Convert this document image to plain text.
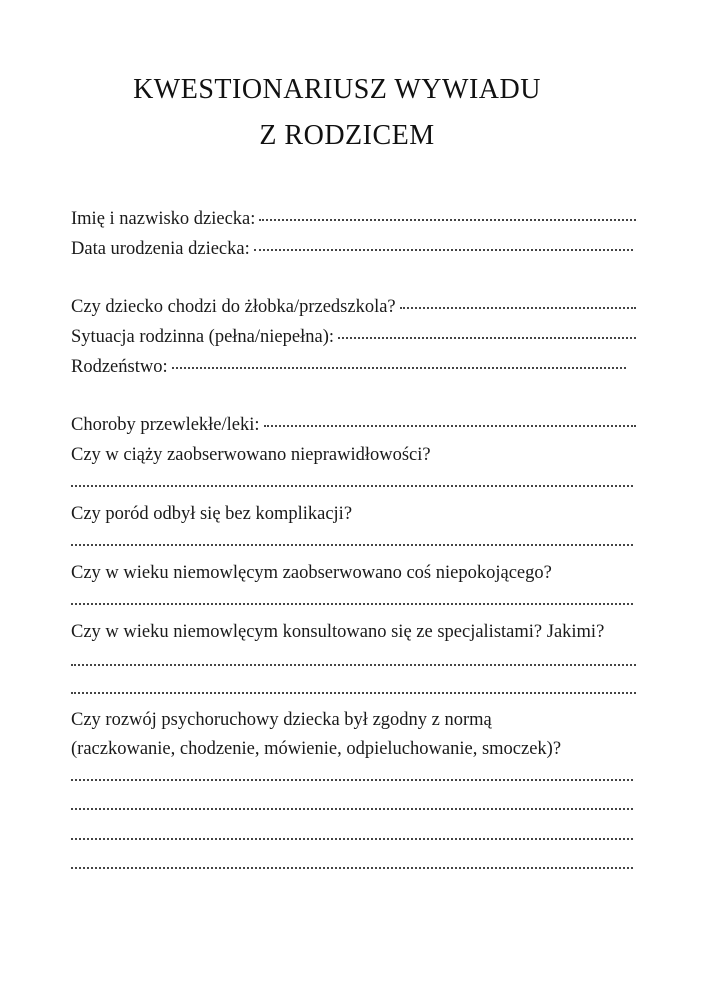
KWESTIONARIUSZ WYWIADU
Z RODZICEM
Imię i nazwisko dziecka:
Data urodzenia dziecka:
Czy dziecko chodzi do żłobka/przedszkola?
Sytuacja rodzinna (pełna/niepełna):
Rodzeństwo:
Choroby przewlekłe/leki:
Czy w ciąży zaobserwowano nieprawidłowości?
Czy poród odbył się bez komplikacji?
Czy w wieku niemowlęcym zaobserwowano coś niepokojącego?
Czy w wieku niemowlęcym konsultowano się ze specjalistami? Jakimi?
Czy rozwój psychoruchowy dziecka był zgodny z normą
(raczkowanie, chodzenie, mówienie, odpieluchowanie, smoczek)?
